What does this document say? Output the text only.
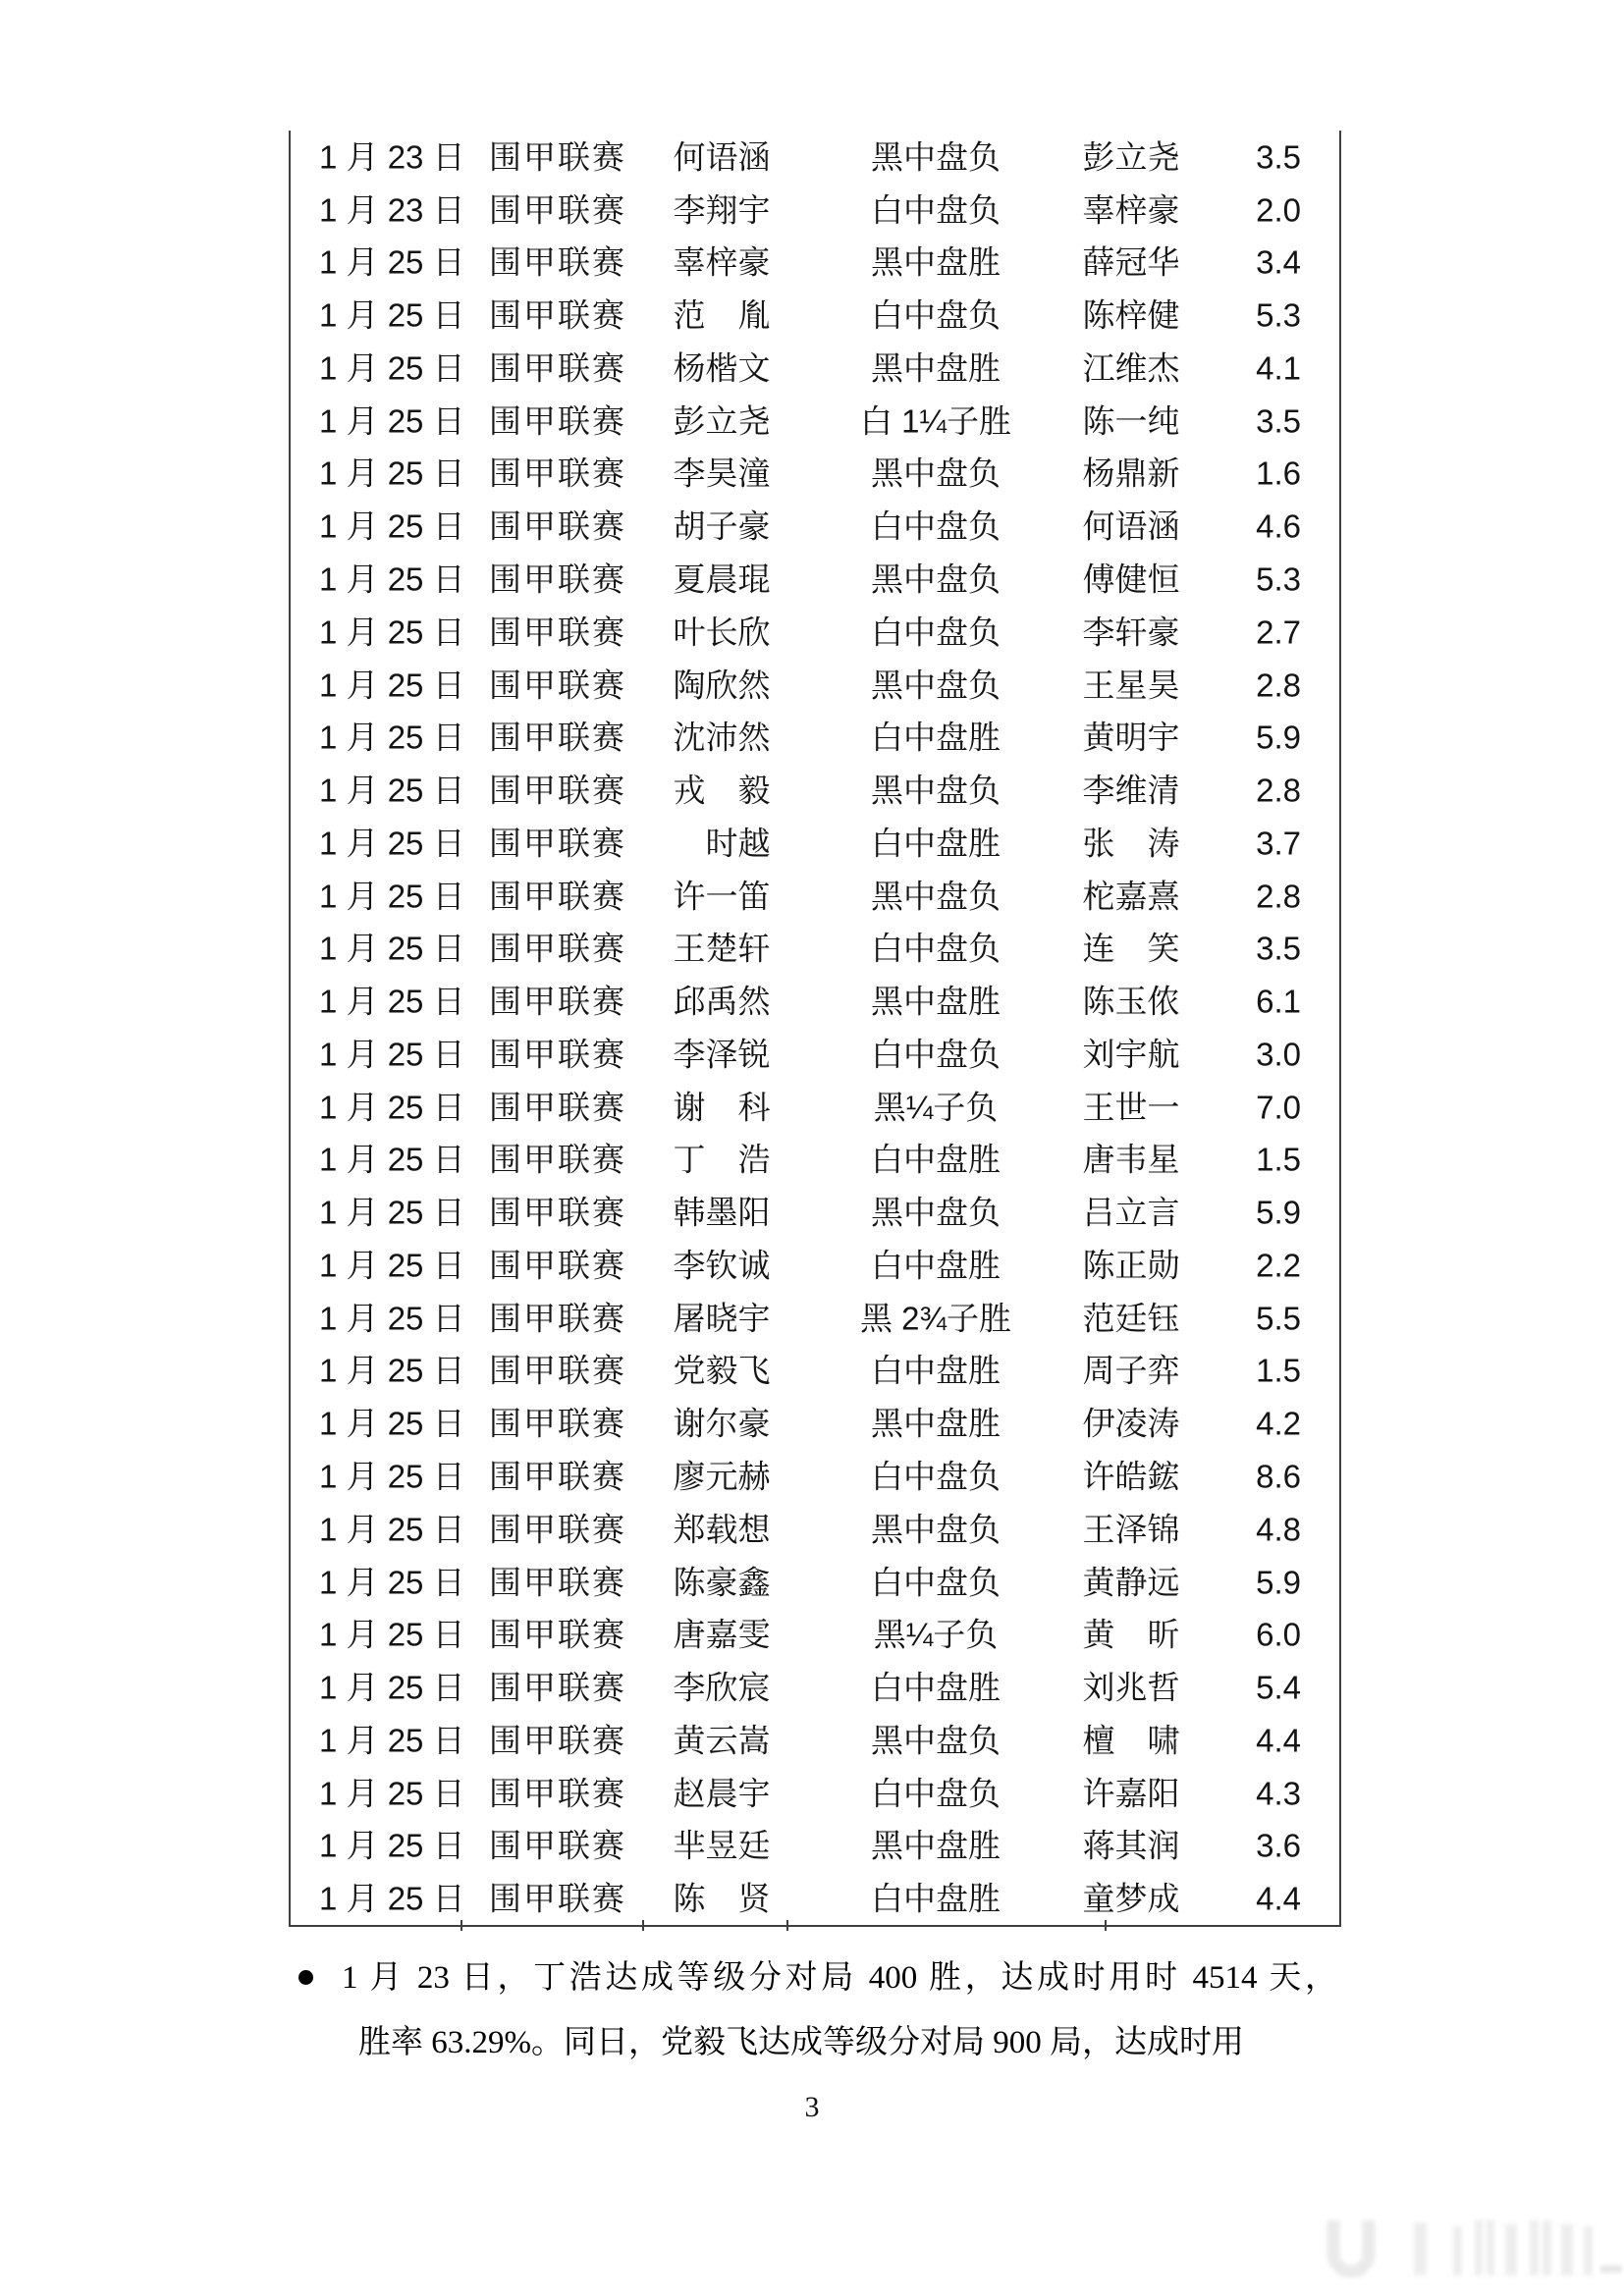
1 月 23 日 围甲联赛	何语涵	黑中盘负	彭立尧	3.5
1 月 23 日 围甲联赛	李翔宇	白中盘负	辜梓豪	2.0
1 月 25 日 围甲联赛	辜梓豪	黑中盘胜	薛冠华	3.4
1 月 25 日 围甲联赛	范　胤	白中盘负	陈梓健	5.3
1 月 25 日 围甲联赛	杨楷文	黑中盘胜	江维杰	4.1
1 月 25 日 围甲联赛	彭立尧	白 1¼子胜	陈一纯	3.5
1 月 25 日 围甲联赛	李昊潼	黑中盘负	杨鼎新	1.6
1 月 25 日 围甲联赛	胡子豪	白中盘负	何语涵	4.6
1 月 25 日 围甲联赛	夏晨琨	黑中盘负	傅健恒	5.3
1 月 25 日 围甲联赛	叶长欣	白中盘负	李轩豪	2.7
1 月 25 日 围甲联赛	陶欣然	黑中盘负	王星昊	2.8
1 月 25 日 围甲联赛	沈沛然	白中盘胜	黄明宇	5.9
1 月 25 日 围甲联赛	戎　毅	黑中盘负	李维清	2.8
1 月 25 日 围甲联赛	　时越	白中盘胜	张　涛	3.7
1 月 25 日 围甲联赛	许一笛	黑中盘负	柁嘉熹	2.8
1 月 25 日 围甲联赛	王楚轩	白中盘负	连　笑	3.5
1 月 25 日 围甲联赛	邱禹然	黑中盘胜	陈玉侬	6.1
1 月 25 日 围甲联赛	李泽锐	白中盘负	刘宇航	3.0
1 月 25 日 围甲联赛	谢　科	黑¼子负	王世一	7.0
1 月 25 日 围甲联赛	丁　浩	白中盘胜	唐韦星	1.5
1 月 25 日 围甲联赛	韩墨阳	黑中盘负	吕立言	5.9
1 月 25 日 围甲联赛	李钦诚	白中盘胜	陈正勋	2.2
1 月 25 日 围甲联赛	屠晓宇	黑 2¾子胜	范廷钰	5.5
1 月 25 日 围甲联赛	党毅飞	白中盘胜	周子弈	1.5
1 月 25 日 围甲联赛	谢尔豪	黑中盘胜	伊凌涛	4.2
1 月 25 日 围甲联赛	廖元赫	白中盘负	许皓鋐	8.6
1 月 25 日 围甲联赛	郑载想	黑中盘负	王泽锦	4.8
1 月 25 日 围甲联赛	陈豪鑫	白中盘负	黄静远	5.9
1 月 25 日 围甲联赛	唐嘉雯	黑¼子负	黄　昕	6.0
1 月 25 日 围甲联赛	李欣宸	白中盘胜	刘兆哲	5.4
1 月 25 日 围甲联赛	黄云嵩	黑中盘负	檀　啸	4.4
1 月 25 日 围甲联赛	赵晨宇	白中盘负	许嘉阳	4.3
1 月 25 日 围甲联赛	芈昱廷	黑中盘胜	蒋其润	3.6
1 月 25 日 围甲联赛	陈　贤	白中盘胜	童梦成	4.4
1 月 23 日，丁浩达成等级分对局 400 胜，达成时用时 4514 天，
胜率 63.29%。同日，党毅飞达成等级分对局 900 局，达成时用
3
